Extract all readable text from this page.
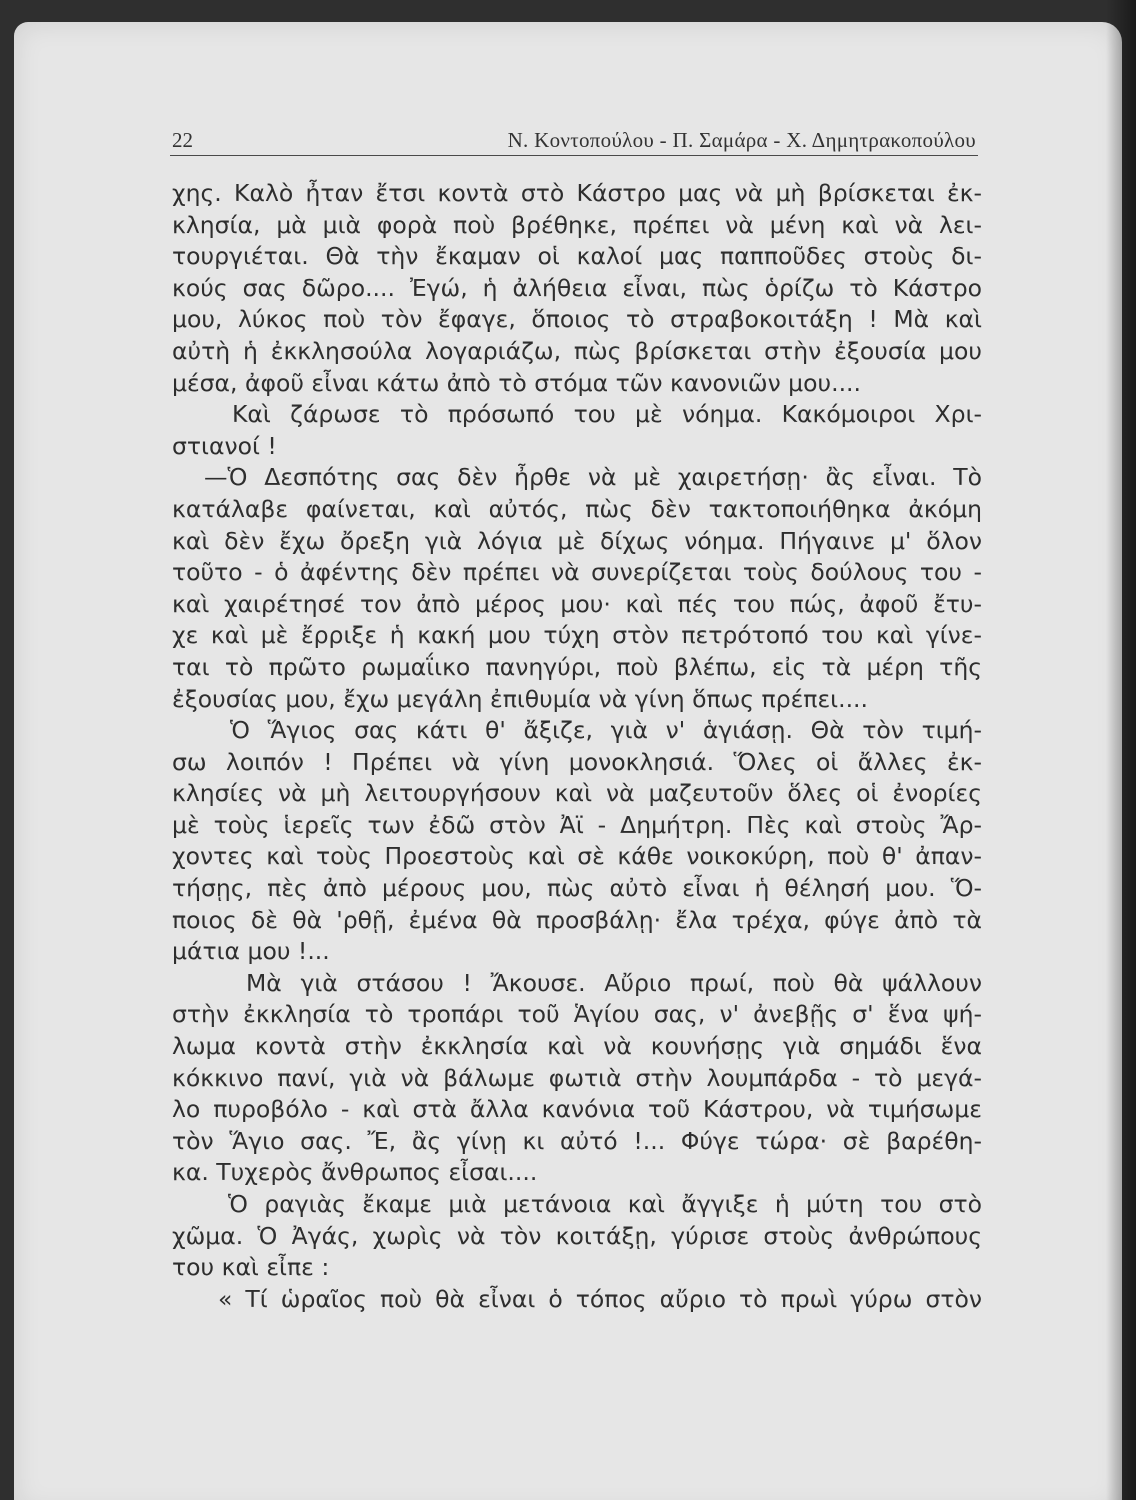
22	Ν. Κοντοπούλου - Π. Σαμάρα - Χ. Δημητρακοπούλου
χης. Καλὸ ἦταν ἔτσι κοντὰ στὸ Κάστρο μας νὰ μὴ βρίσκεται ἐκ-
κλησία, μὰ μιὰ φορὰ ποὺ βρέθηκε, πρέπει νὰ μένη καὶ νὰ λει-
τουργιέται. Θὰ τὴν ἔκαμαν οἱ καλοί μας παπποῦδες στοὺς δι-
κούς σας δῶρο.... Ἐγώ, ἡ ἀλήθεια εἶναι, πὼς ὁρίζω τὸ Κάστρο
μου, λύκος ποὺ τὸν ἔφαγε, ὅποιος τὸ στραβοκοιτάξη ! Μὰ καὶ
αὐτὴ ἡ ἐκκλησούλα λογαριάζω, πὼς βρίσκεται στὴν ἐξουσία μου
μέσα, ἀφοῦ εἶναι κάτω ἀπὸ τὸ στόμα τῶν κανονιῶν μου....
Καὶ ζάρωσε τὸ πρόσωπό του μὲ νόημα. Κακόμοιροι Χρι-
στιανοί !
—Ὁ Δεσπότης σας δὲν ἦρθε νὰ μὲ χαιρετήσῃ· ἂς εἶναι. Τὸ
κατάλαβε φαίνεται, καὶ αὐτός, πὼς δὲν τακτοποιήθηκα ἀκόμη
καὶ δὲν ἔχω ὄρεξη γιὰ λόγια μὲ δίχως νόημα. Πήγαινε μ' ὅλον
τοῦτο - ὁ ἀφέντης δὲν πρέπει νὰ συνερίζεται τοὺς δούλους του -
καὶ χαιρέτησέ τον ἀπὸ μέρος μου· καὶ πές του πώς, ἀφοῦ ἔτυ-
χε καὶ μὲ ἔρριξε ἡ κακή μου τύχη στὸν πετρότοπό του καὶ γίνε-
ται τὸ πρῶτο ρωμαΐικο πανηγύρι, ποὺ βλέπω, εἰς τὰ μέρη τῆς
ἐξουσίας μου, ἔχω μεγάλη ἐπιθυμία νὰ γίνη ὅπως πρέπει....
Ὁ Ἅγιος σας κάτι θ' ἄξιζε, γιὰ ν' ἁγιάσῃ. Θὰ τὸν τιμή-
σω λοιπόν ! Πρέπει νὰ γίνη μονοκλησιά. Ὅλες οἱ ἄλλες ἐκ-
κλησίες νὰ μὴ λειτουργήσουν καὶ νὰ μαζευτοῦν ὅλες οἱ ἐνορίες
μὲ τοὺς ἱερεῖς των ἐδῶ στὸν Ἀϊ - Δημήτρη. Πὲς καὶ στοὺς Ἄρ-
χοντες καὶ τοὺς Προεστοὺς καὶ σὲ κάθε νοικοκύρη, ποὺ θ' ἀπαν-
τήσῃς, πὲς ἀπὸ μέρους μου, πὼς αὐτὸ εἶναι ἡ θέλησή μου. Ὅ-
ποιος δὲ θὰ 'ρθῇ, ἐμένα θὰ προσβάλῃ· ἔλα τρέχα, φύγε ἀπὸ τὰ
μάτια μου !...
Μὰ γιὰ στάσου ! Ἄκουσε. Αὔριο πρωί, ποὺ θὰ ψάλλουν
στὴν ἐκκλησία τὸ τροπάρι τοῦ Ἁγίου σας, ν' ἀνεβῇς σ' ἕνα ψή-
λωμα κοντὰ στὴν ἐκκλησία καὶ νὰ κουνήσῃς γιὰ σημάδι ἕνα
κόκκινο πανί, γιὰ νὰ βάλωμε φωτιὰ στὴν λουμπάρδα - τὸ μεγά-
λο πυροβόλο - καὶ στὰ ἄλλα κανόνια τοῦ Κάστρου, νὰ τιμήσωμε
τὸν Ἅγιο σας. Ἔ, ἂς γίνῃ κι αὐτό !... Φύγε τώρα· σὲ βαρέθη-
κα. Τυχερὸς ἄνθρωπος εἶσαι....
Ὁ ραγιὰς ἔκαμε μιὰ μετάνοια καὶ ἄγγιξε ἡ μύτη του στὸ
χῶμα. Ὁ Ἀγάς, χωρὶς νὰ τὸν κοιτάξῃ, γύρισε στοὺς ἀνθρώπους
του καὶ εἶπε :
« Τί ὡραῖος ποὺ θὰ εἶναι ὁ τόπος αὔριο τὸ πρωὶ γύρω στὸν
